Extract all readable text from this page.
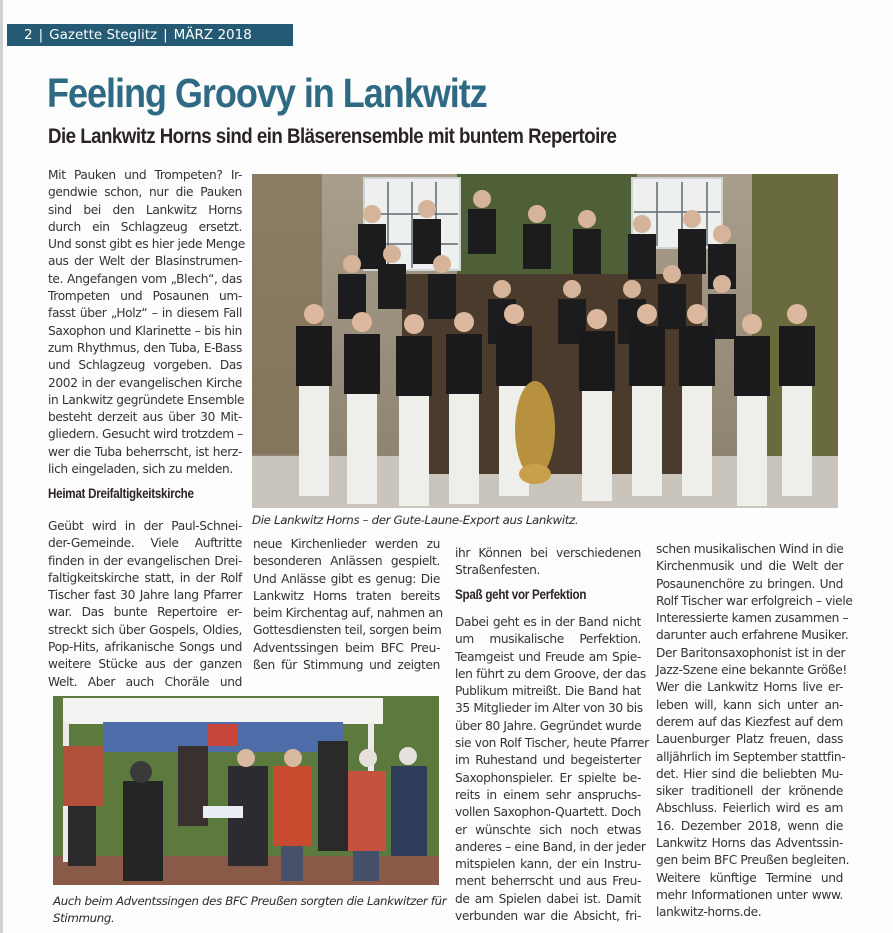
2 | Gazette Steglitz | MÄRZ 2018
Feeling Groovy in Lankwitz
Die Lankwitz Horns sind ein Bläserensemble mit buntem Repertoire
Mit Pauken und Trompeten? Ir-
gendwie schon, nur die Pauken
sind bei den Lankwitz Horns
durch ein Schlagzeug ersetzt.
Und sonst gibt es hier jede Menge
aus der Welt der Blasinstrumen-
te. Angefangen vom „Blech“, das
Trompeten und Posaunen um-
fasst über „Holz“ – in diesem Fall
Saxophon und Klarinette – bis hin
zum Rhythmus, den Tuba, E-Bass
und Schlagzeug vorgeben. Das
2002 in der evangelischen Kirche
in Lankwitz gegründete Ensemble
besteht derzeit aus über 30 Mit-
gliedern. Gesucht wird trotzdem –
wer die Tuba beherrscht, ist herz-
lich eingeladen, sich zu melden.
Heimat Dreifaltigkeitskirche
Geübt wird in der Paul-Schnei-
der-Gemeinde. Viele Auftritte
finden in der evangelischen Drei-
faltigkeitskirche statt, in der Rolf
Tischer fast 30 Jahre lang Pfarrer
war. Das bunte Repertoire er-
streckt sich über Gospels, Oldies,
Pop-Hits, afrikanische Songs und
weitere Stücke aus der ganzen
Welt. Aber auch Choräle und
Die Lankwitz Horns – der Gute-Laune-Export aus Lankwitz.
neue Kirchenlieder werden zu
besonderen Anlässen gespielt.
Und Anlässe gibt es genug: Die
Lankwitz Horns traten bereits
beim Kirchentag auf, nahmen an
Gottesdiensten teil, sorgen beim
Adventssingen beim BFC Preu-
ßen für Stimmung und zeigten
ihr Können bei verschiedenen
Straßenfesten.
Spaß geht vor Perfektion
Dabei geht es in der Band nicht
um musikalische Perfektion.
Teamgeist und Freude am Spie-
len führt zu dem Groove, der das
Publikum mitreißt. Die Band hat
35 Mitglieder im Alter von 30 bis
über 80 Jahre. Gegründet wurde
sie von Rolf Tischer, heute Pfarrer
im Ruhestand und begeisterter
Saxophonspieler. Er spielte be-
reits in einem sehr anspruchs-
vollen Saxophon-Quartett. Doch
er wünschte sich noch etwas
anderes – eine Band, in der jeder
mitspielen kann, der ein Instru-
ment beherrscht und aus Freu-
de am Spielen dabei ist. Damit
verbunden war die Absicht, fri-
schen musikalischen Wind in die
Kirchenmusik und die Welt der
Posaunenchöre zu bringen. Und
Rolf Tischer war erfolgreich – viele
Interessierte kamen zusammen –
darunter auch erfahrene Musiker.
Der Baritonsaxophonist ist in der
Jazz-Szene eine bekannte Größe!
Wer die Lankwitz Horns live er-
leben will, kann sich unter an-
derem auf das Kiezfest auf dem
Lauenburger Platz freuen, dass
alljährlich im September stattfin-
det. Hier sind die beliebten Mu-
siker traditionell der krönende
Abschluss. Feierlich wird es am
16. Dezember 2018, wenn die
Lankwitz Horns das Adventssin-
gen beim BFC Preußen begleiten.
Weitere künftige Termine und
mehr Informationen unter www.
lankwitz-horns.de.
Auch beim Adventssingen des BFC Preußen sorgten die Lankwitzer für
Stimmung.
